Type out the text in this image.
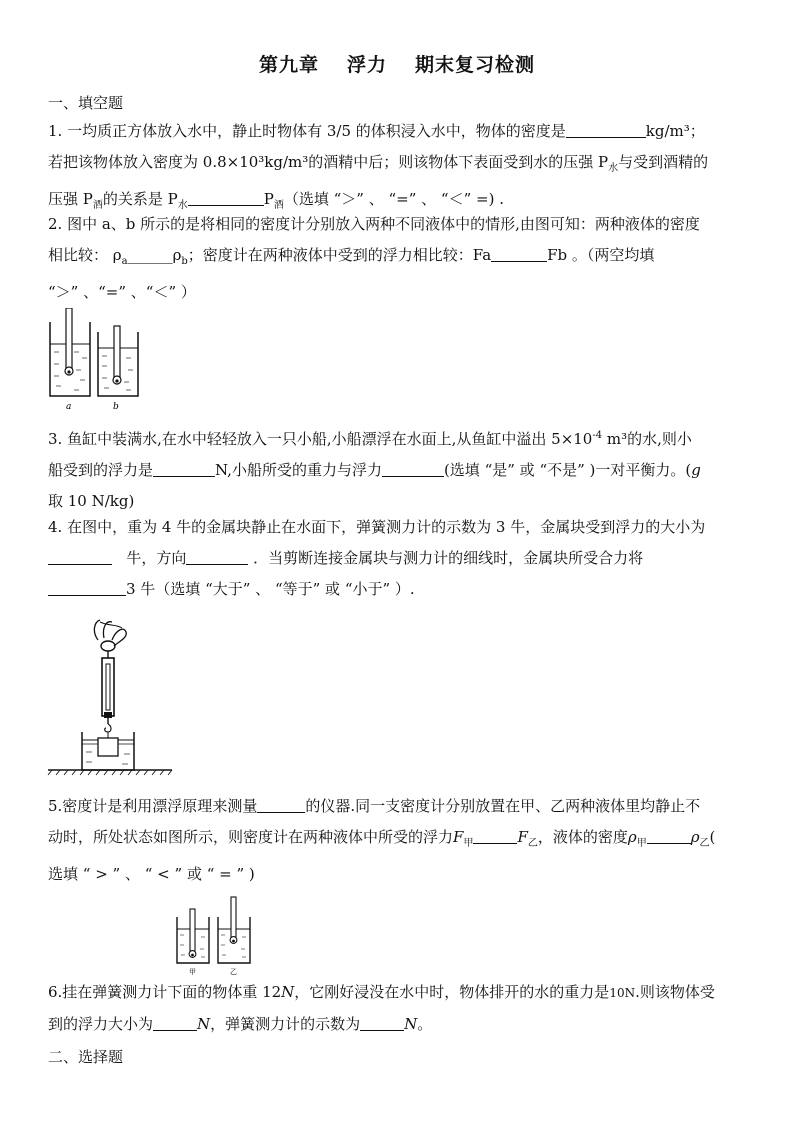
第九章 浮力 期末复习检测
一、填空题
1. 一均质正方体放入水中，静止时物体有 3/5 的体积浸入水中，物体的密度是	kg/m³；
若把该物体放入密度为 0.8×10³kg/m³的酒精中后；则该物体下表面受到水的压强 $P_水$与受到酒精的
压强 $P_酒$的关系是 $P_水$	$P_酒$（选填 “＞” 、 “=” 、 “＜” =) .
2. 图中 a、b 所示的是将相同的密度计分别放入两种不同液体中的情形,由图可知：两种液体的密度
相比较： $\rho_a\_\_\_\_\_\_\rho_b$；密度计在两种液体中受到的浮力相比较：Fa	Fb 。（两空均填
“＞” 、“=” 、“＜” ）
a	b
3. 鱼缸中装满水,在水中轻轻放入一只小船,小船漂浮在水面上,从鱼缸中溢出 $5\times 10^{-4}$ m³的水,则小
船受到的浮力是	N,小船所受的重力与浮力	(选填 “是” 或 “不是” )一对平衡力。(g
取 10 N/kg)
4. 在图中，重为 4 牛的金属块静止在水面下，弹簧测力计的示数为 3 牛，金属块受到浮力的大小为
牛，方向	．当剪断连接金属块与测力计的细线时，金属块所受合力将
3 牛（选填 “大于” 、 “等于” 或 “小于” ）.
5.密度计是利用漂浮原理来测量	的仪器.同一支密度计分别放置在甲、乙两种液体里均静止不
动时，所处状态如图所示，则密度计在两种液体中所受的浮力$F_甲$	$F_乙$，液体的密度$\rho_甲$	$\rho_乙$(
选填 “ > ” 、 “ < ” 或 “ = ” )
甲	乙
6.挂在弹簧测力计下面的物体重 12N，它刚好浸没在水中时，物体排开的水的重力是10N.则该物体受
到的浮力大小为	N，弹簧测力计的示数为	N。
二、选择题
